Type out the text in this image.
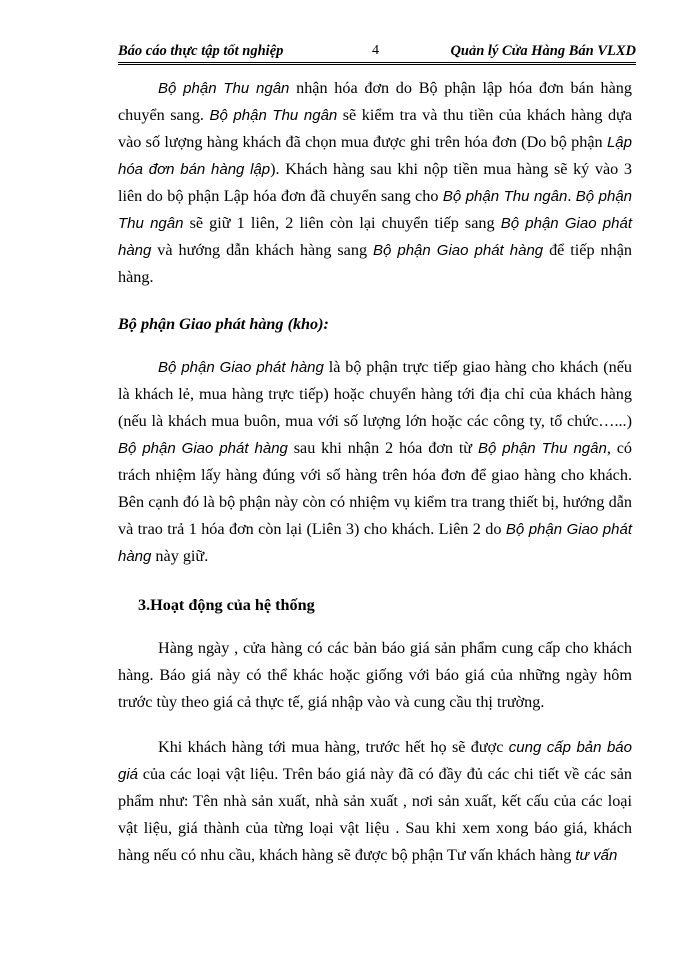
Báo cáo thực tập tốt nghiệp	4	Quản lý Cửa Hàng Bán VLXD

Bộ phận Thu ngân nhận hóa đơn do Bộ phận lập hóa đơn bán hàng chuyển sang. Bộ phận Thu ngân sẽ kiểm tra và thu tiền của khách hàng dựa vào số lượng hàng khách đã chọn mua được ghi trên hóa đơn (Do bộ phận Lập hóa đơn bán hàng lập). Khách hàng sau khi nộp tiền mua hàng sẽ ký vào 3 liên do bộ phận Lập hóa đơn đã chuyển sang cho Bộ phận Thu ngân. Bộ phận Thu ngân sẽ giữ 1 liên, 2 liên còn lại chuyển tiếp sang Bộ phận Giao phát hàng và hướng dẫn khách hàng sang Bộ phận Giao phát hàng để tiếp nhận hàng.

Bộ phận Giao phát hàng (kho):

Bộ phận Giao phát hàng là bộ phận trực tiếp giao hàng cho khách (nếu là khách lẻ, mua hàng trực tiếp) hoặc chuyển hàng tới địa chỉ của khách hàng (nếu là khách mua buôn, mua với số lượng lớn hoặc các công ty, tổ chức…...) Bộ phận Giao phát hàng sau khi nhận 2 hóa đơn từ Bộ phận Thu ngân, có trách nhiệm lấy hàng đúng với số hàng trên hóa đơn để giao hàng cho khách. Bên cạnh đó là bộ phận này còn có nhiệm vụ kiểm tra trang thiết bị, hướng dẫn và trao trả 1 hóa đơn còn lại (Liên 3) cho khách. Liên 2 do Bộ phận Giao phát hàng này giữ.

3.Hoạt động của hệ thống

Hàng ngày , cửa hàng có các bản báo giá sản phẩm cung cấp cho khách hàng. Báo giá này có thể khác hoặc giống với báo giá của những ngày hôm trước tùy theo giá cả thực tế, giá nhập vào và cung cầu thị trường.

Khi khách hàng tới mua hàng, trước hết họ sẽ được cung cấp bản báo giá của các loại vật liệu. Trên báo giá này đã có đầy đủ các chi tiết về các sản phẩm như: Tên nhà sản xuất, nhà sản xuất , nơi sản xuất, kết cấu của các loại vật liệu, giá thành của từng loại vật liệu . Sau khi xem xong báo giá, khách hàng nếu có nhu cầu, khách hàng sẽ được bộ phận Tư vấn khách hàng tư vấn
